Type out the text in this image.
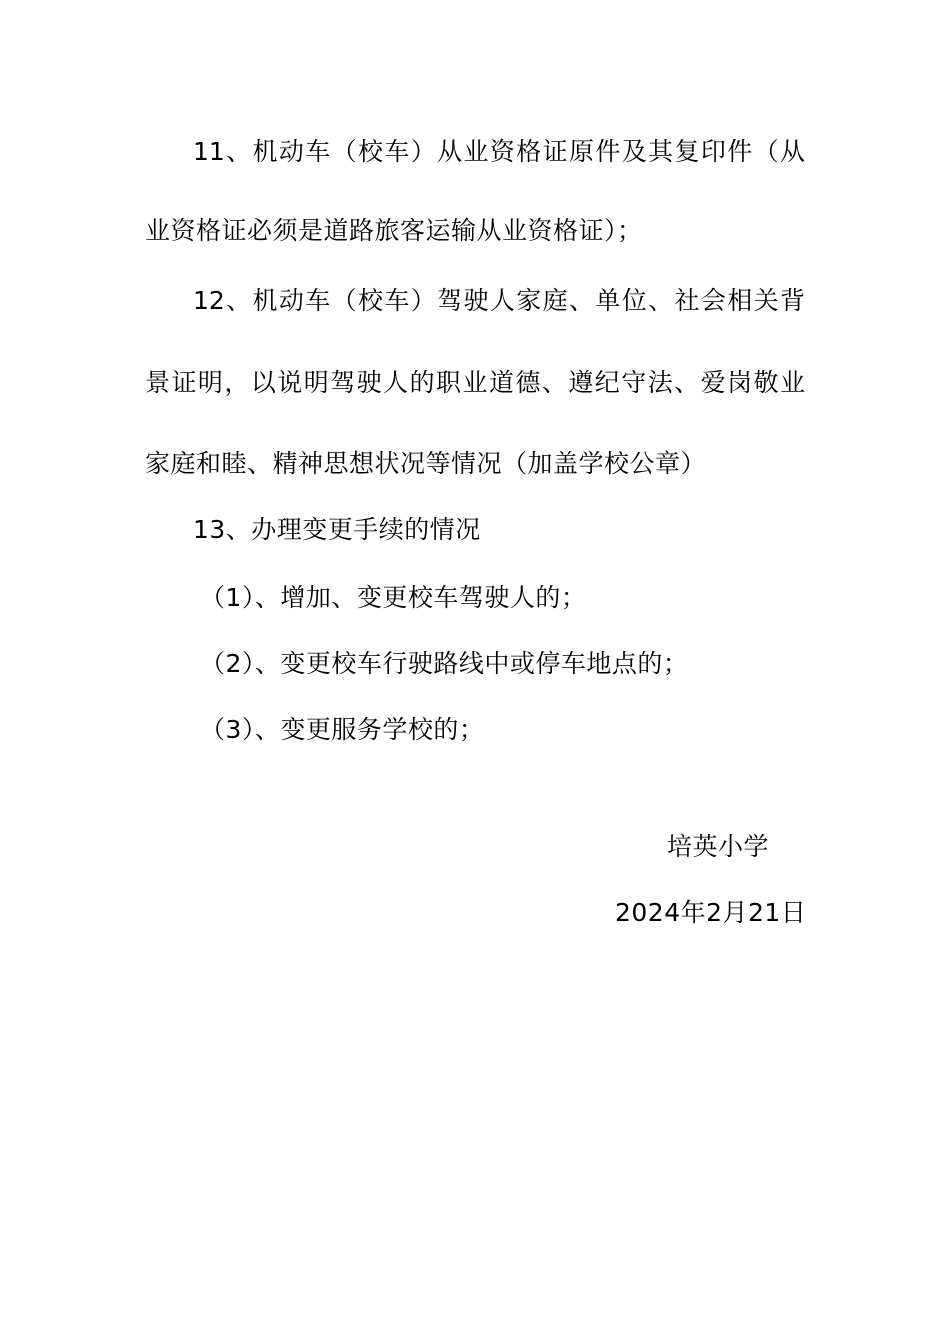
11、机动车（校车）从业资格证原件及其复印件（从
业资格证必须是道路旅客运输从业资格证）；
12、机动车（校车）驾驶人家庭、单位、社会相关背
景证明，以说明驾驶人的职业道德、遵纪守法、爱岗敬业
家庭和睦、精神思想状况等情况（加盖学校公章）
13、办理变更手续的情况
（1）、增加、变更校车驾驶人的；
（2）、变更校车行驶路线中或停车地点的；
（3）、变更服务学校的；
培英小学
2024年2月21日
